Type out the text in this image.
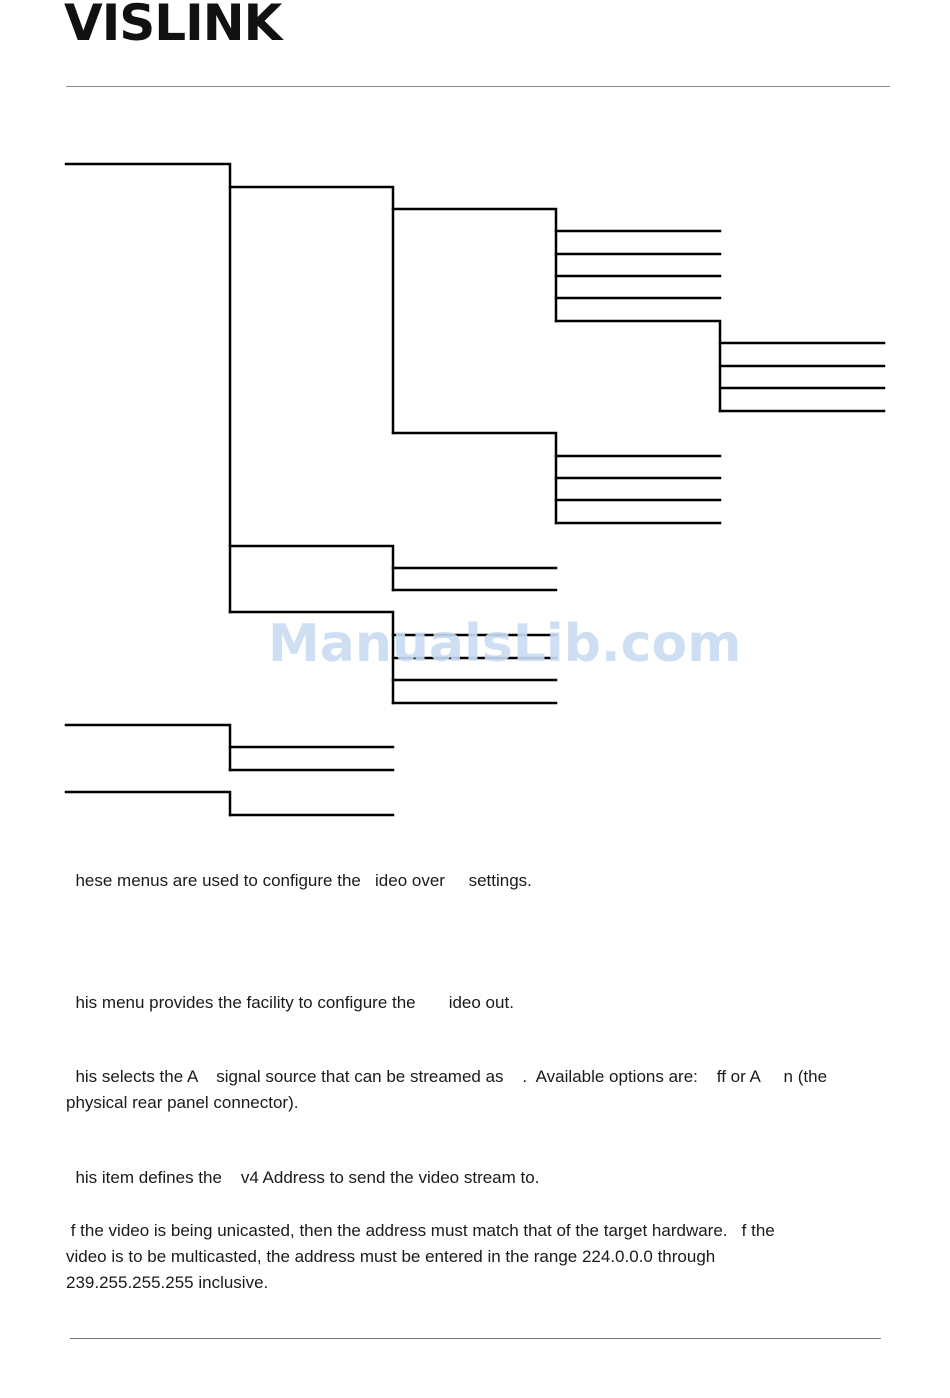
VISLINK
ManualsLib.com
hese menus are used to configure the   ideo over     settings.
his menu provides the facility to configure the       ideo out.
his selects the A    signal source that can be streamed as    .  Available options are:    ff or A     n (the
physical rear panel connector).
his item defines the    v4 Address to send the video stream to.
f the video is being unicasted, then the address must match that of the target hardware.   f the
video is to be multicasted, the address must be entered in the range 224.0.0.0 through
239.255.255.255 inclusive.
